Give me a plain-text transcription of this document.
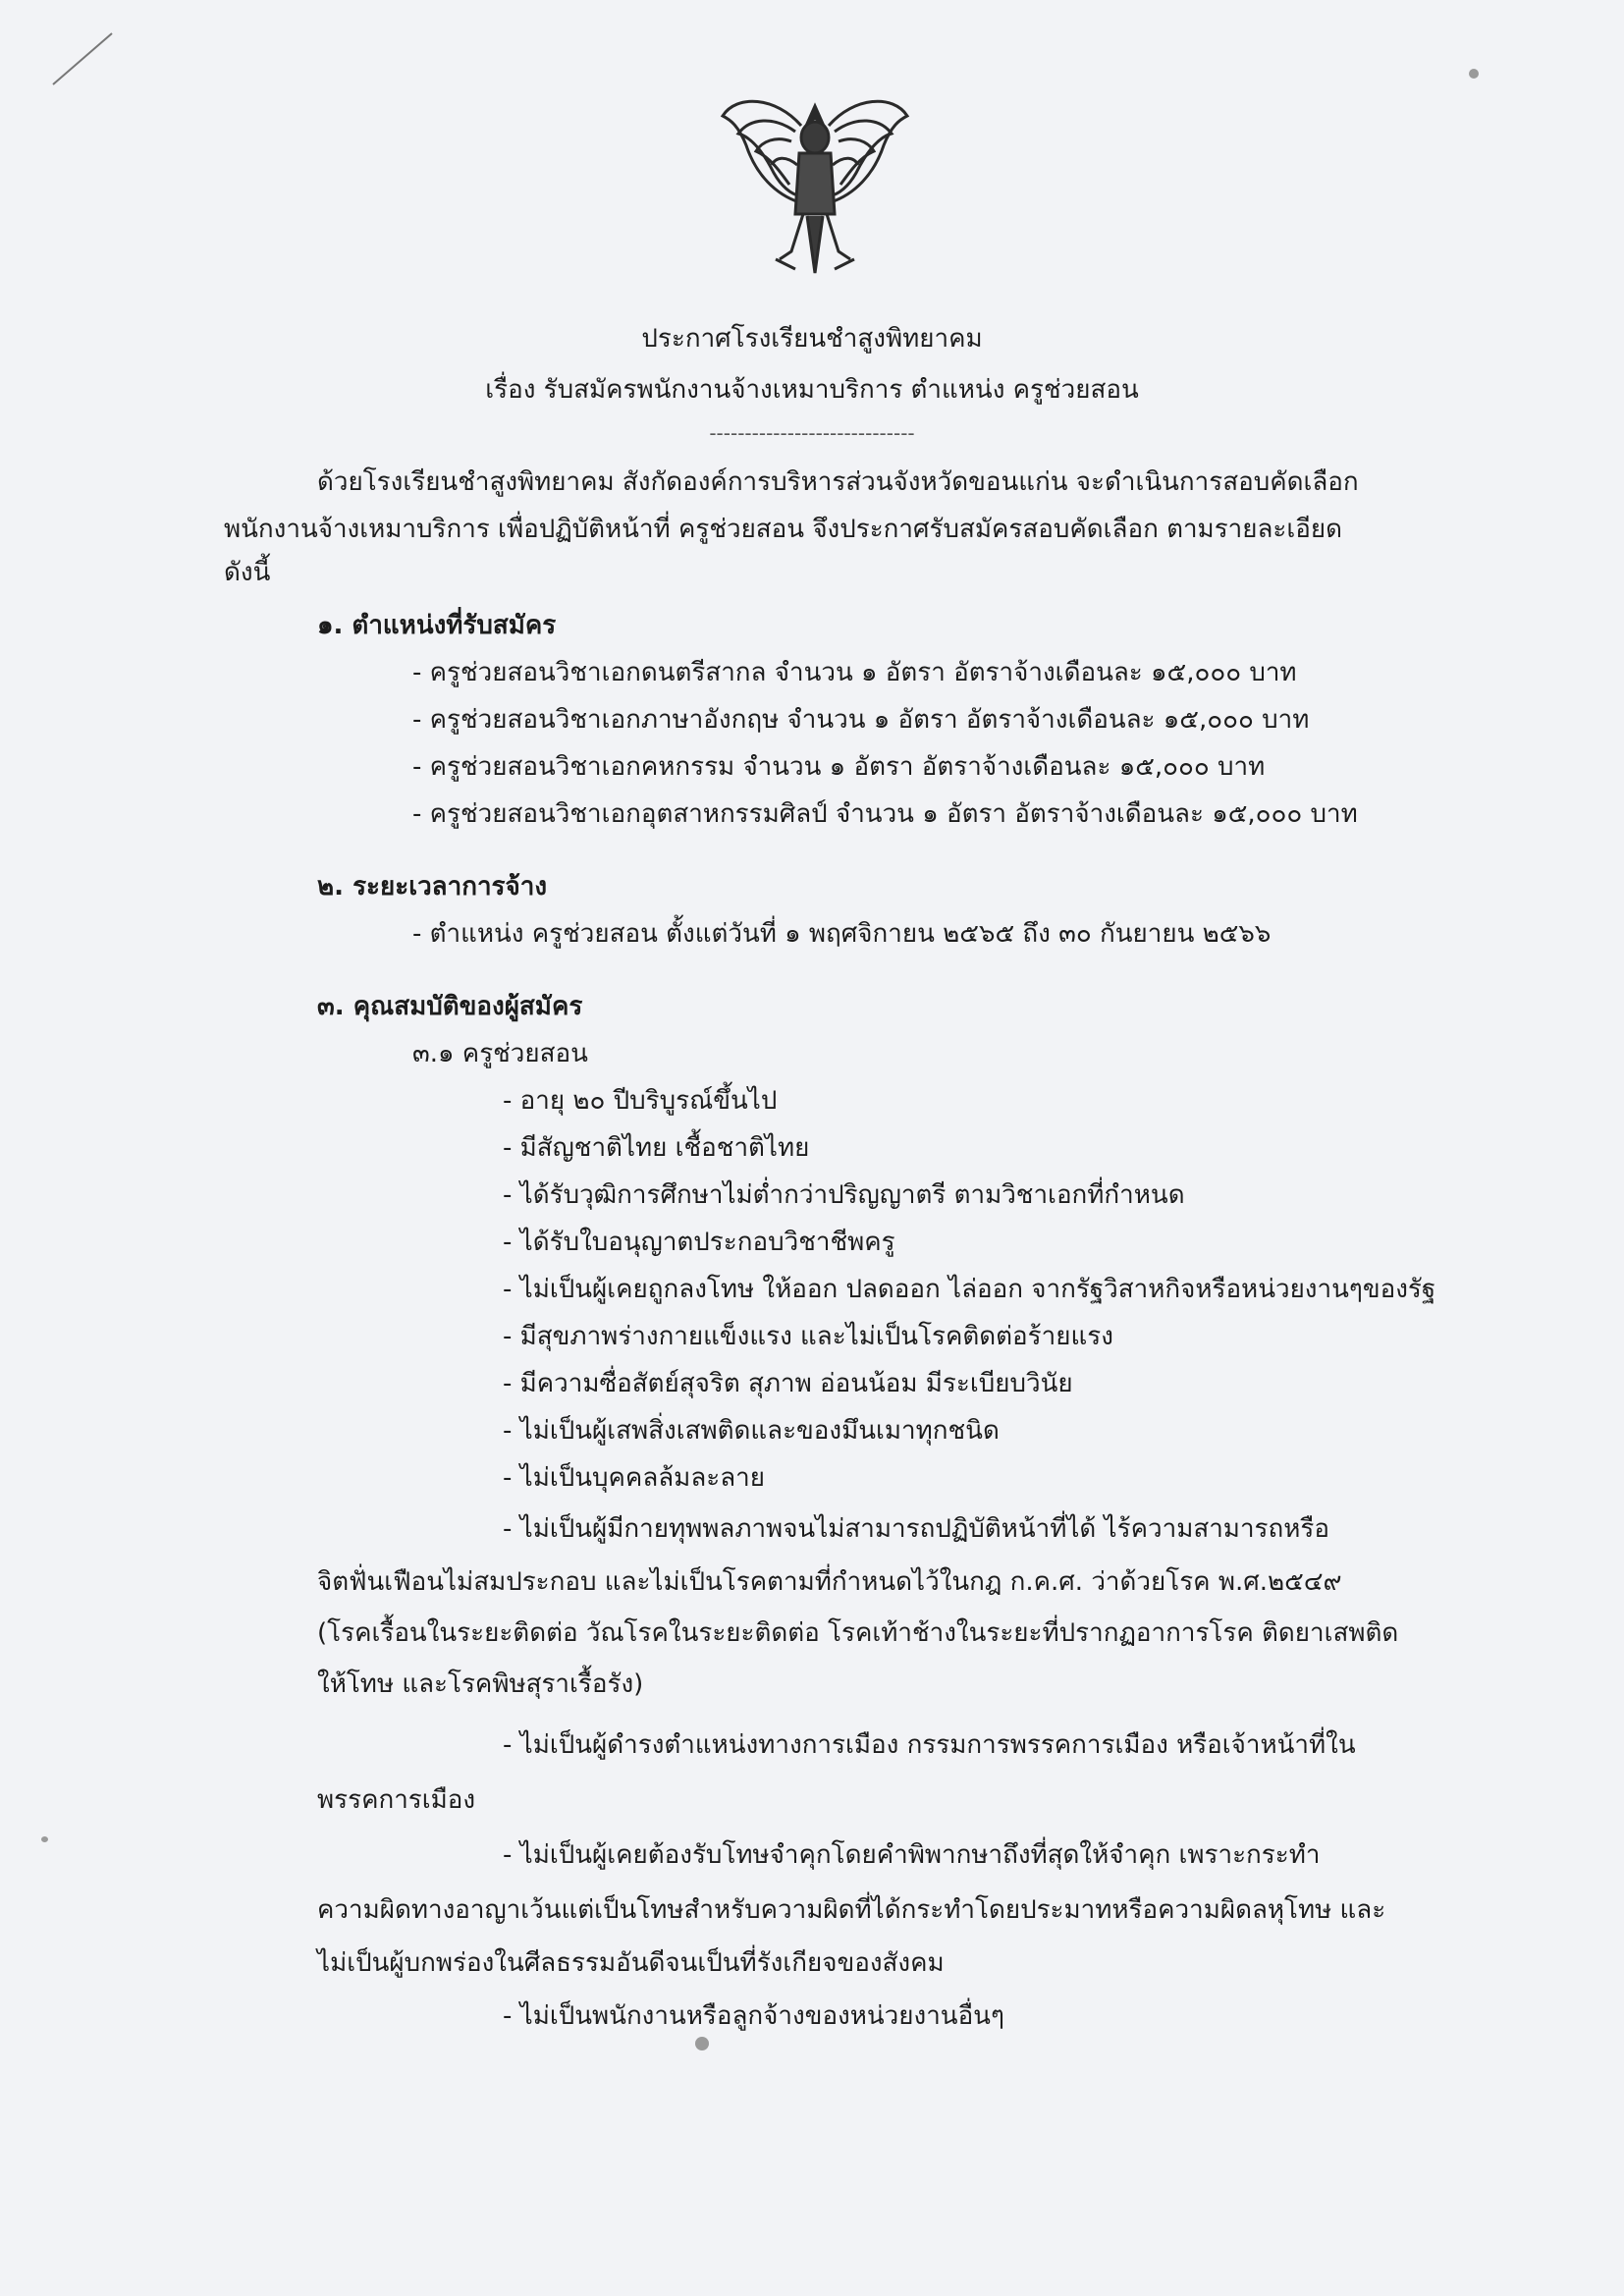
ประกาศโรงเรียนชำสูงพิทยาคม
เรื่อง รับสมัครพนักงานจ้างเหมาบริการ ตำแหน่ง ครูช่วยสอน
-----------------------------
ด้วยโรงเรียนชำสูงพิทยาคม สังกัดองค์การบริหารส่วนจังหวัดขอนแก่น จะดำเนินการสอบคัดเลือก
พนักงานจ้างเหมาบริการ เพื่อปฏิบัติหน้าที่ ครูช่วยสอน จึงประกาศรับสมัครสอบคัดเลือก ตามรายละเอียด
ดังนี้
๑. ตำแหน่งที่รับสมัคร
- ครูช่วยสอนวิชาเอกดนตรีสากล จำนวน ๑ อัตรา อัตราจ้างเดือนละ ๑๕,๐๐๐ บาท
- ครูช่วยสอนวิชาเอกภาษาอังกฤษ จำนวน ๑ อัตรา อัตราจ้างเดือนละ ๑๕,๐๐๐ บาท
- ครูช่วยสอนวิชาเอกคหกรรม จำนวน ๑ อัตรา อัตราจ้างเดือนละ ๑๕,๐๐๐ บาท
- ครูช่วยสอนวิชาเอกอุตสาหกรรมศิลป์ จำนวน ๑ อัตรา อัตราจ้างเดือนละ ๑๕,๐๐๐ บาท
๒. ระยะเวลาการจ้าง
- ตำแหน่ง ครูช่วยสอน ตั้งแต่วันที่ ๑ พฤศจิกายน ๒๕๖๕ ถึง ๓๐ กันยายน ๒๕๖๖
๓. คุณสมบัติของผู้สมัคร
๓.๑ ครูช่วยสอน
- อายุ ๒๐ ปีบริบูรณ์ขึ้นไป
- มีสัญชาติไทย เชื้อชาติไทย
- ได้รับวุฒิการศึกษาไม่ต่ำกว่าปริญญาตรี ตามวิชาเอกที่กำหนด
- ได้รับใบอนุญาตประกอบวิชาชีพครู
- ไม่เป็นผู้เคยถูกลงโทษ ให้ออก ปลดออก ไล่ออก จากรัฐวิสาหกิจหรือหน่วยงานๆของรัฐ
- มีสุขภาพร่างกายแข็งแรง และไม่เป็นโรคติดต่อร้ายแรง
- มีความซื่อสัตย์สุจริต สุภาพ อ่อนน้อม มีระเบียบวินัย
- ไม่เป็นผู้เสพสิ่งเสพติดและของมึนเมาทุกชนิด
- ไม่เป็นบุคคลล้มละลาย
- ไม่เป็นผู้มีกายทุพพลภาพจนไม่สามารถปฏิบัติหน้าที่ได้ ไร้ความสามารถหรือ
จิตฟั่นเฟือนไม่สมประกอบ และไม่เป็นโรคตามที่กำหนดไว้ในกฎ ก.ค.ศ. ว่าด้วยโรค พ.ศ.๒๕๔๙
(โรคเรื้อนในระยะติดต่อ วัณโรคในระยะติดต่อ โรคเท้าช้างในระยะที่ปรากฏอาการโรค ติดยาเสพติด
ให้โทษ และโรคพิษสุราเรื้อรัง)
- ไม่เป็นผู้ดำรงตำแหน่งทางการเมือง กรรมการพรรคการเมือง หรือเจ้าหน้าที่ใน
พรรคการเมือง
- ไม่เป็นผู้เคยต้องรับโทษจำคุกโดยคำพิพากษาถึงที่สุดให้จำคุก เพราะกระทำ
ความผิดทางอาญาเว้นแต่เป็นโทษสำหรับความผิดที่ได้กระทำโดยประมาทหรือความผิดลหุโทษ และ
ไม่เป็นผู้บกพร่องในศีลธรรมอันดีจนเป็นที่รังเกียจของสังคม
- ไม่เป็นพนักงานหรือลูกจ้างของหน่วยงานอื่นๆ
